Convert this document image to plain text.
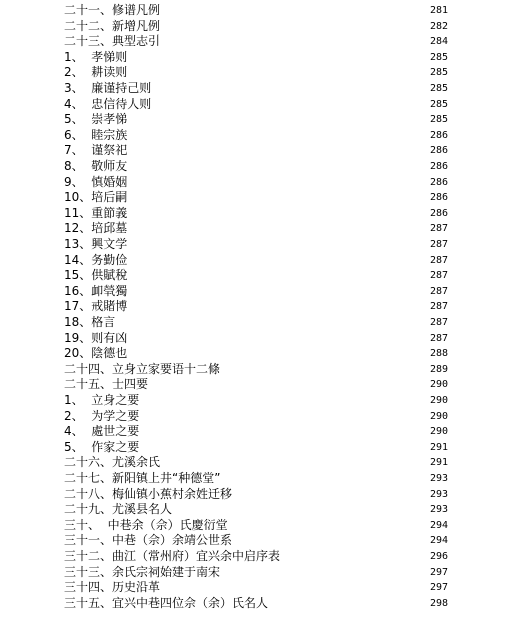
二十一、修谱凡例	281
二十二、新增凡例	282
二十三、典型志引	284
1、  孝悌则	285
2、  耕读则	285
3、  廉谨持己则	285
4、  忠信待人则	285
5、  崇孝悌	285
6、  睦宗族	286
7、  谨祭祀	286
8、  敬师友	286
9、  慎婚姻	286
10、培后嗣	286
11、重節義	286
12、培邱墓	287
13、興文学	287
14、务勤俭	287
15、供賦稅	287
16、卹煢獨	287
17、戒賭博	287
18、格言	287
19、则有凶	287
20、陰德也	288
二十四、立身立家要语十二條	289
二十五、士四要	290
1、  立身之要	290
2、  为学之要	290
4、  處世之要	290
5、  作家之要	291
二十六、尤溪余氏	291
二十七、新阳镇上井“种德堂”	293
二十八、梅仙镇小蕉村余姓迁移	293
二十九、尤溪县名人	293
三十、  中巷余（佘）氏慶衍堂	294
三十一、中巷（佘）余靖公世系	294
三十二、曲江（常州府）宜兴余中启序表	296
三十三、余氏宗祠始建于南宋	297
三十四、历史沿革	297
三十五、宜兴中巷四位佘（余）氏名人	298
